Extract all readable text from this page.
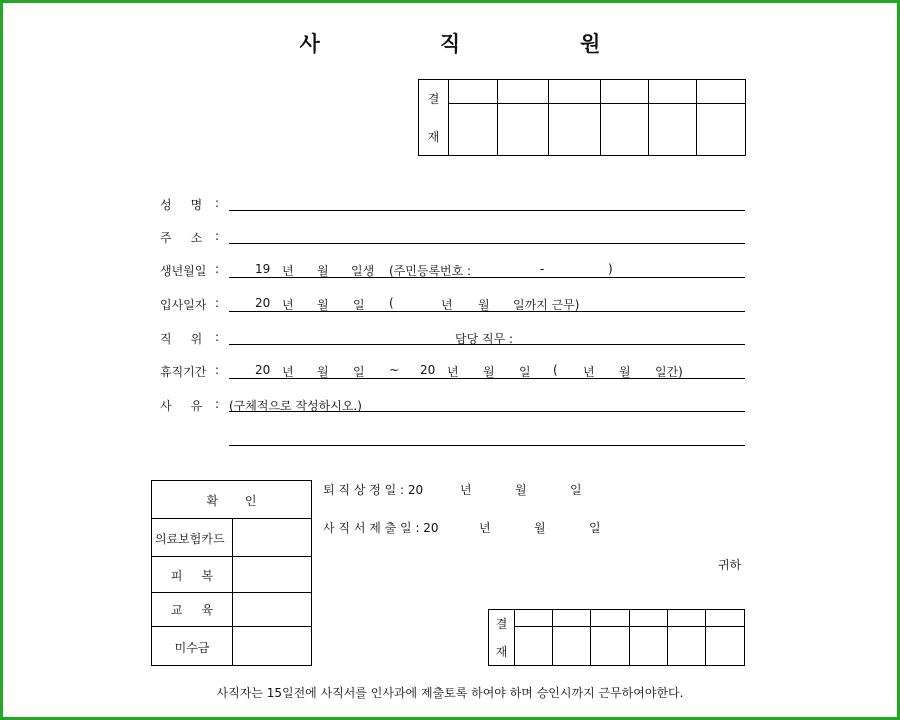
사	직	원
결
재
성     명 :
주     소 :
생년월일 :	19 년 월 일생 (주민등록번호 :	-	)
입사일자 :	20 년 월 일 (	년 월 일까지 근무)
직     위 :	담당 직무 :
휴직기간 :	20 년 월 일 ~ 20 년 월 일 ( 년 월 일간)
사     유 : (구체적으로 작성하시오.)
확       인
의료보험카드
피     복
교     육
미수금
퇴 직 상 정 일 : 20	년	월	일
사 직 서 제 출 일 : 20	년	월	일
귀하
결
재
사직자는 15일전에 사직서를 인사과에 제출토록 하여야 하며 승인시까지 근무하여야한다.
